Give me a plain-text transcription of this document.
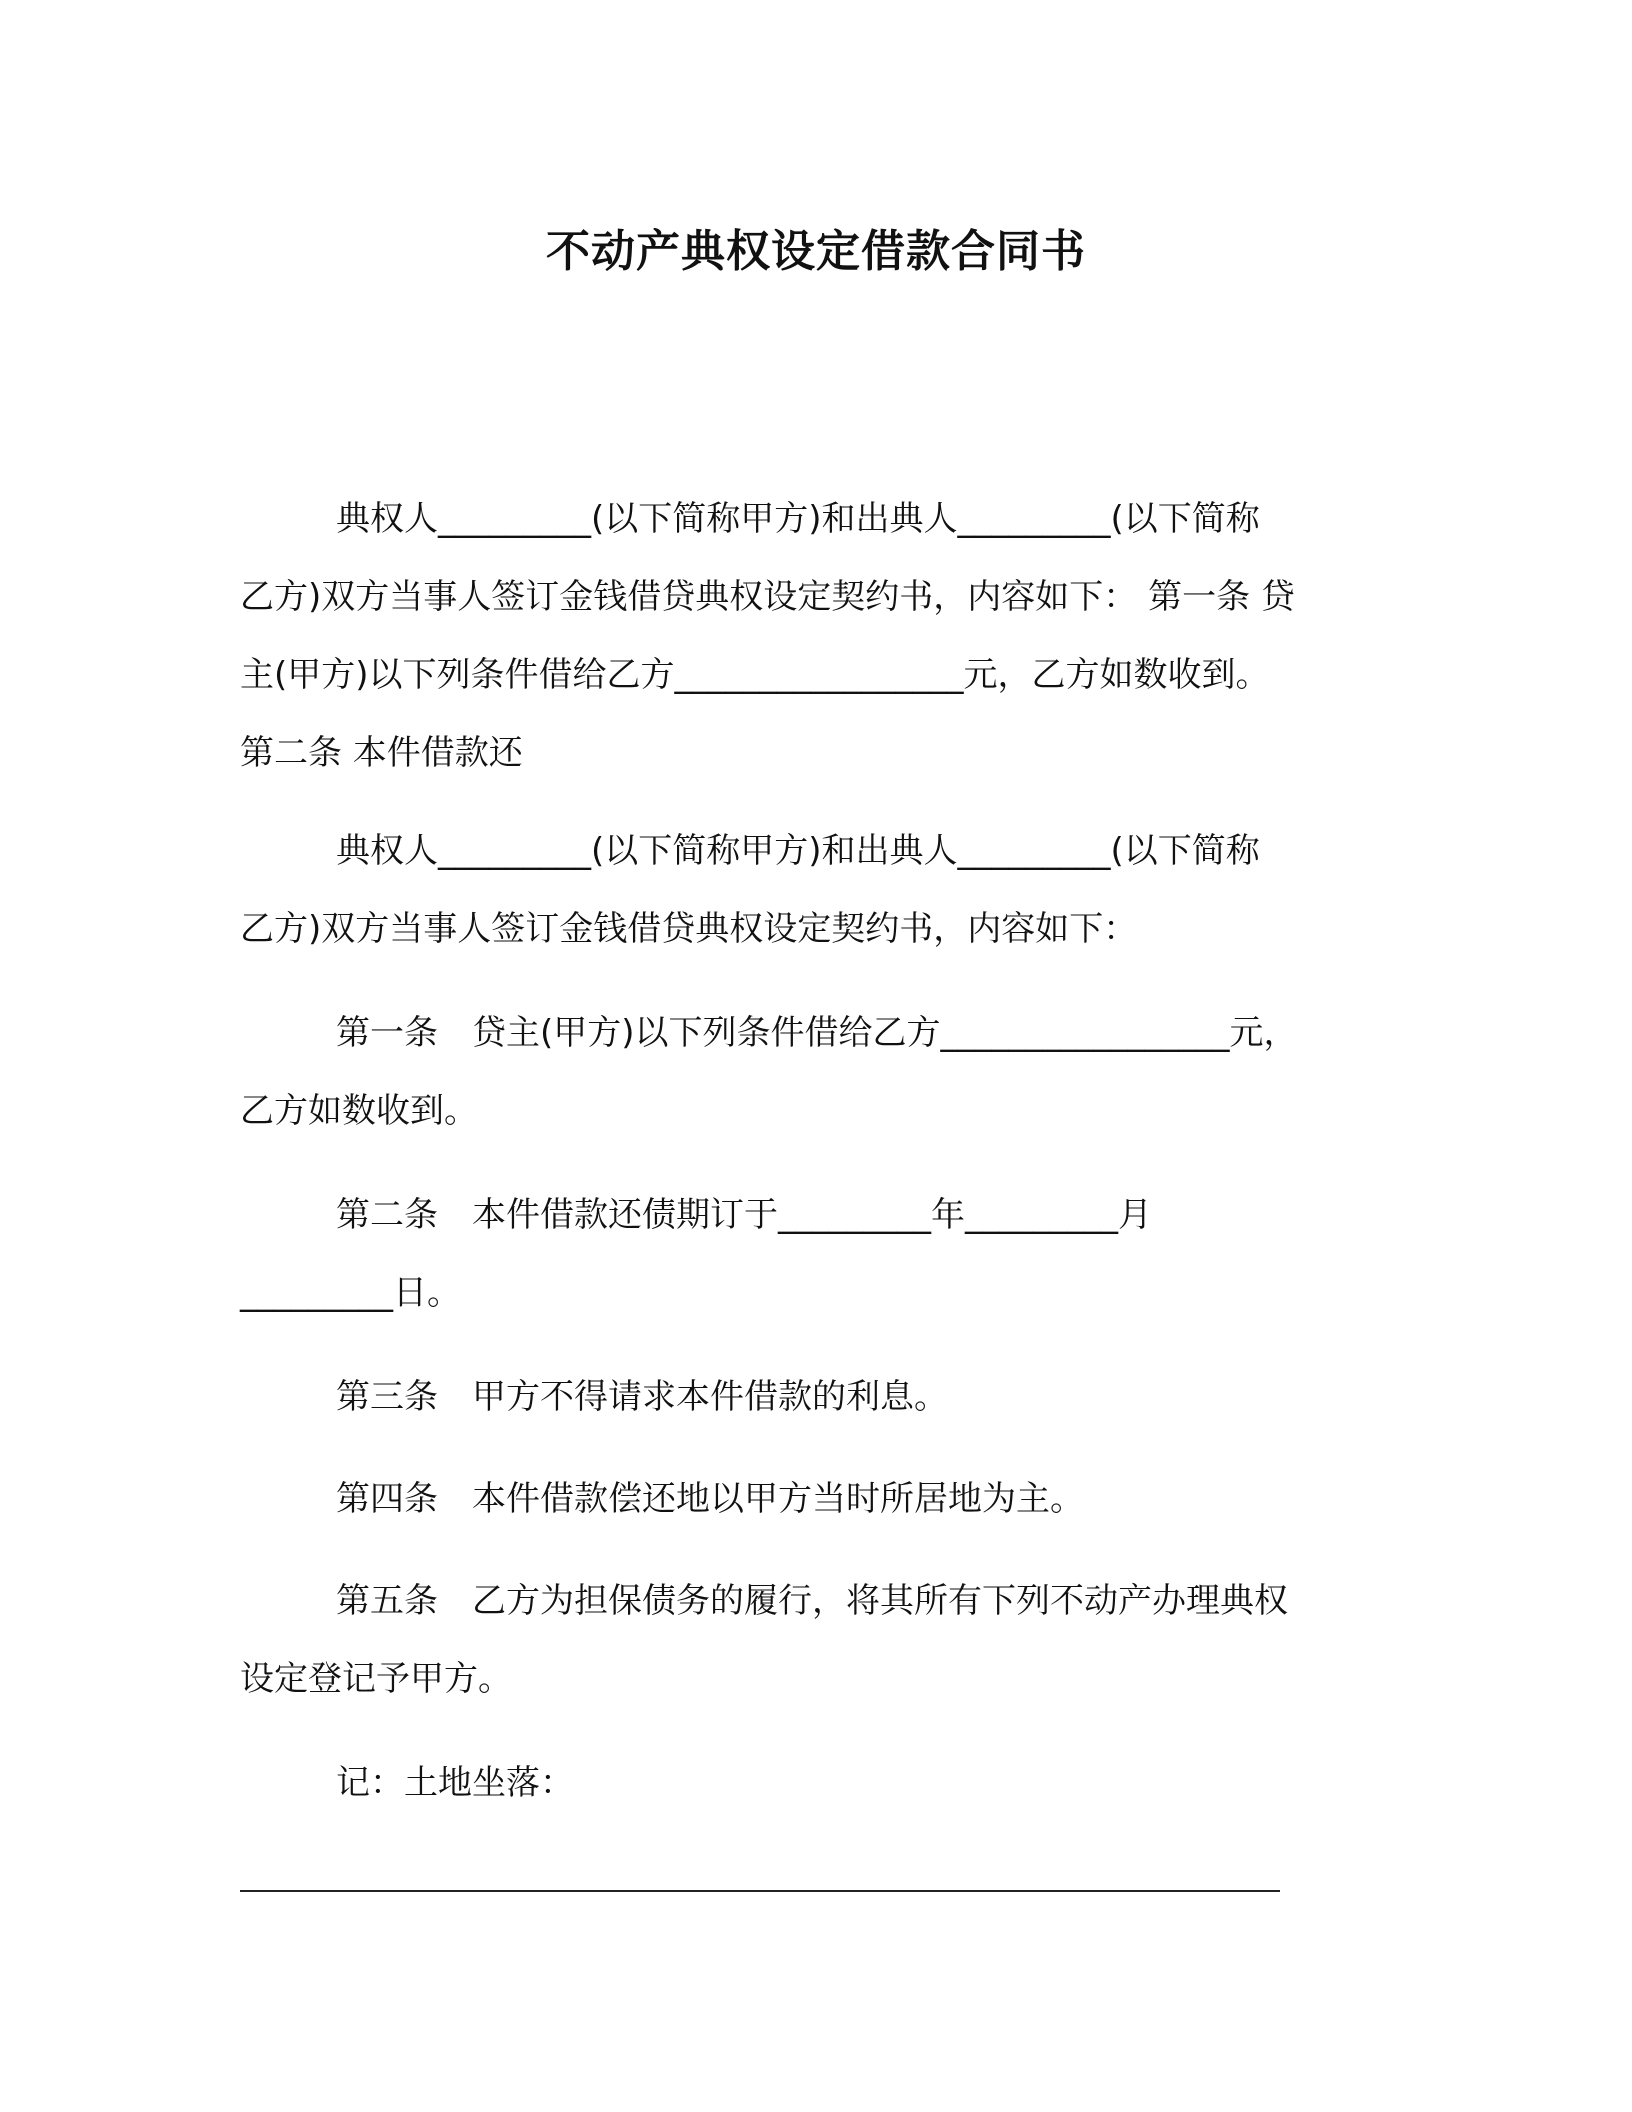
不动产典权设定借款合同书
典权人_________(以下简称甲方)和出典人_________(以下简称
乙方)双方当事人签订金钱借贷典权设定契约书，内容如下： 第一条 贷
主(甲方)以下列条件借给乙方_________________元，乙方如数收到。
第二条 本件借款还
典权人_________(以下简称甲方)和出典人_________(以下简称
乙方)双方当事人签订金钱借贷典权设定契约书，内容如下：
第一条 贷主(甲方)以下列条件借给乙方_________________元，
乙方如数收到。
第二条 本件借款还债期订于_________年_________月
_________日。
第三条 甲方不得请求本件借款的利息。
第四条 本件借款偿还地以甲方当时所居地为主。
第五条 乙方为担保债务的履行，将其所有下列不动产办理典权
设定登记予甲方。
记：土地坐落：
